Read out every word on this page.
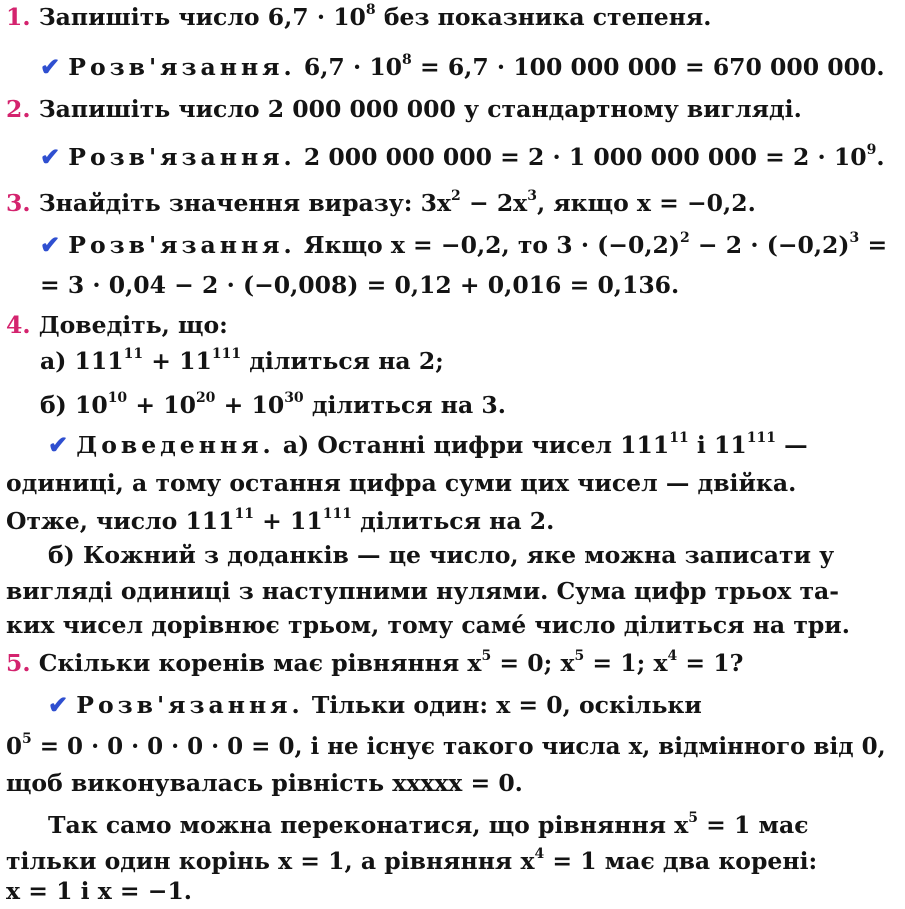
1. Запишіть число $6,7 \cdot 10^8$ без показника степеня.
✔ Розв'язання. $6,7 \cdot 10^8 = 6,7 \cdot 100$ 000 000 = 670 000 000.
2. Запишіть число 2 000 000 000 у стандартному вигляді.
✔ Розв'язання. 2 000 000 000 = 2 · 1 000 000 $000 = 2 \cdot 10^9$.
3. Знайдіть значення виразу: $3x^2 - 2x^3$, якщо x = −0,2.
✔ Розв'язання. Якщо x = −0,2, то $3 \cdot (-0,2)^2 - 2 \cdot (-0,2)^3$ =
= 3 · 0,04 − 2 · (−0,008) = 0,12 + 0,016 = 0,136.
4. Доведіть, що:
а) $111^{11} + 11^{111}$ ділиться на 2;
б) $10^{10} + 10^{20} + 10^{30}$ ділиться на 3.
✔ Доведення. а) Останні цифри чисел $111^{11}$ і $11^{111}$ —
одиниці, а тому остання цифра суми цих чисел — двійка.
Отже, число $111^{11} + 11^{111}$ ділиться на 2.
б) Кожний з доданків — це число, яке можна записати у
вигляді одиниці з наступними нулями. Сума цифр трьох та-
ких чисел дорівнює трьом, тому самé число ділиться на три.
5. Скільки коренів має рівняння $x^5 = 0$; $x^5 = 1$; $x^4 = 1$?
✔ Розв'язання. Тільки один: x = 0, оскільки
$0^5 = 0 \cdot 0 \cdot 0 \cdot 0 \cdot 0 = 0$, і не існує такого числа x, відмінного від 0,
щоб виконувалась рівність xxxxx = 0.
Так само можна переконатися, що рівняння $x^5 = 1$ має
тільки один корінь x = 1, а рівняння $x^4 = 1$ має два корені:
x = 1 і x = −1.
